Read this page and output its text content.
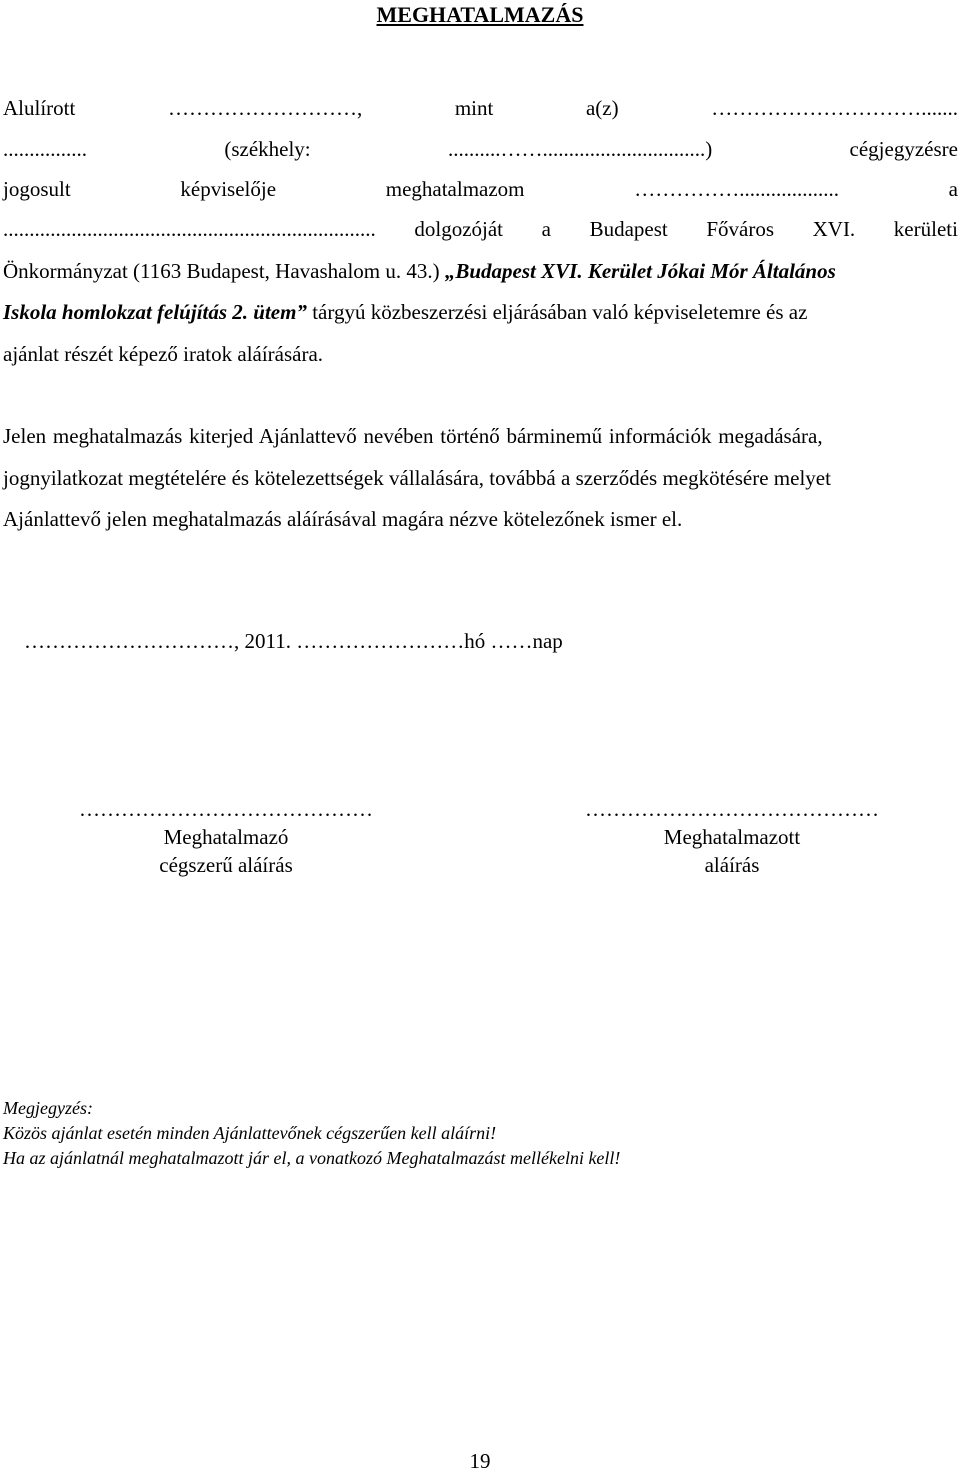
MEGHATALMAZÁS
Alulírott	………………………,	mint	a(z)	………………………….......
................	(székhely:	..........……...............................)	cégjegyzésre
jogosult	képviselője	meghatalmazom	……………...................	a
....................................................................... dolgozóját a Budapest Főváros XVI. kerületi
Önkormányzat (1163 Budapest, Havashalom u. 43.) „Budapest XVI. Kerület Jókai Mór Általános
Iskola homlokzat felújítás 2. ütem” tárgyú közbeszerzési eljárásában való képviseletemre és az
ajánlat részét képező iratok aláírására.
Jelen meghatalmazás kiterjed Ajánlattevő nevében történő bárminemű információk megadására,
jognyilatkozat megtételére és kötelezettségek vállalására, továbbá a szerződés megkötésére melyet
Ajánlattevő jelen meghatalmazás aláírásával magára nézve kötelezőnek ismer el.
…………………………, 2011. ……………………hó ……nap
……………………………………
Meghatalmazó
cégszerű aláírás
……………………………………
Meghatalmazott
aláírás
Megjegyzés:
Közös ajánlat esetén minden Ajánlattevőnek cégszerűen kell aláírni!
Ha az ajánlatnál meghatalmazott jár el, a vonatkozó Meghatalmazást mellékelni kell!
19
